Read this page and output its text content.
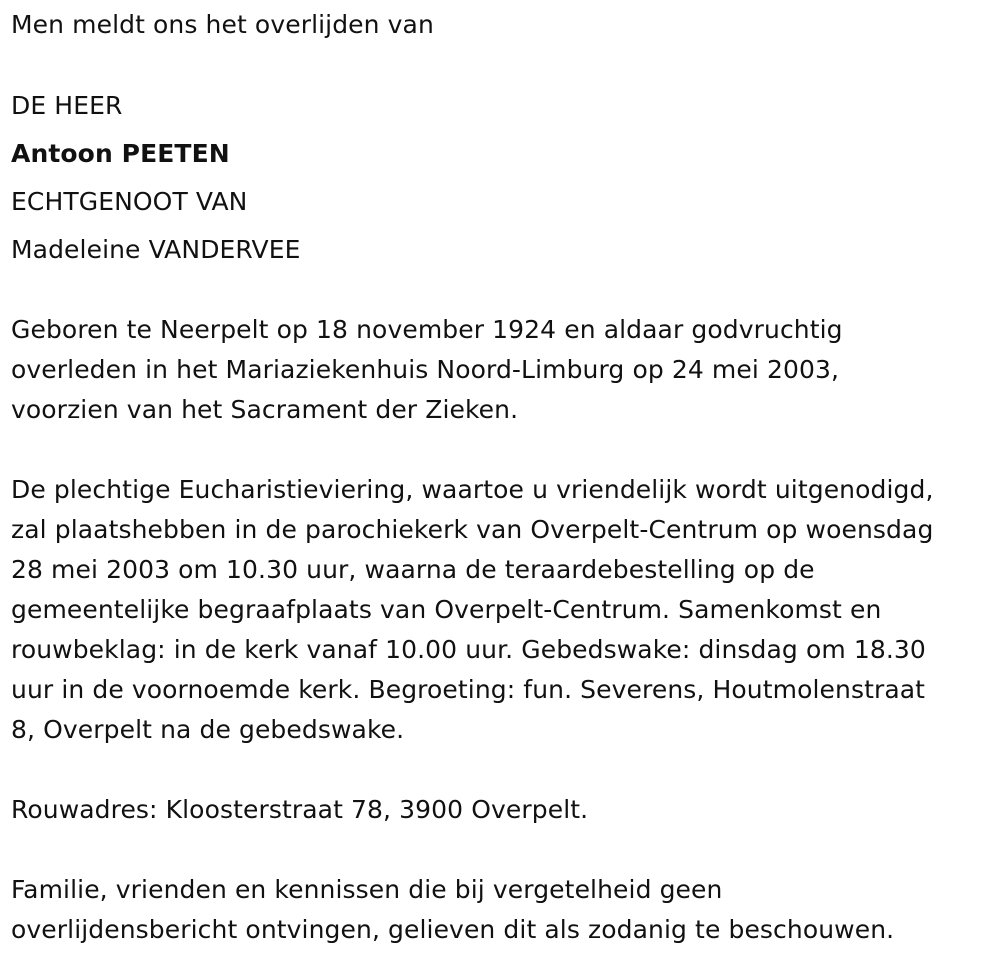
Men meldt ons het overlijden van
DE HEER
Antoon PEETEN
ECHTGENOOT VAN
Madeleine VANDERVEE
Geboren te Neerpelt op 18 november 1924 en aldaar godvruchtig
overleden in het Mariaziekenhuis Noord-Limburg op 24 mei 2003,
voorzien van het Sacrament der Zieken.
De plechtige Eucharistieviering, waartoe u vriendelijk wordt uitgenodigd,
zal plaatshebben in de parochiekerk van Overpelt-Centrum op woensdag
28 mei 2003 om 10.30 uur, waarna de teraardebestelling op de
gemeentelijke begraafplaats van Overpelt-Centrum. Samenkomst en
rouwbeklag: in de kerk vanaf 10.00 uur. Gebedswake: dinsdag om 18.30
uur in de voornoemde kerk. Begroeting: fun. Severens, Houtmolenstraat
8, Overpelt na de gebedswake.
Rouwadres: Kloosterstraat 78, 3900 Overpelt.
Familie, vrienden en kennissen die bij vergetelheid geen
overlijdensbericht ontvingen, gelieven dit als zodanig te beschouwen.
